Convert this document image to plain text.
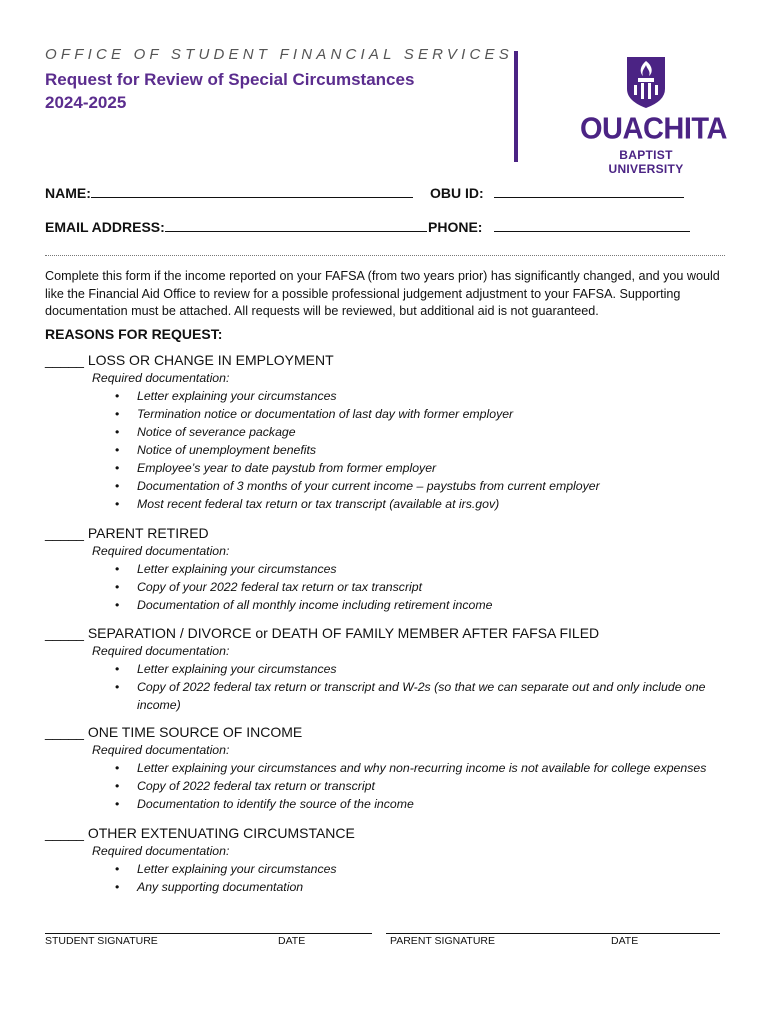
OFFICE OF STUDENT FINANCIAL SERVICES
Request for Review of Special Circumstances
2024-2025
OUACHITA
BAPTIST UNIVERSITY
NAME:	OBU ID:
EMAIL ADDRESS:	PHONE:
Complete this form if the income reported on your FAFSA (from two years prior) has significantly changed, and you would like the Financial Aid Office to review for a possible professional judgement adjustment to your FAFSA. Supporting documentation must be attached. All requests will be reviewed, but additional aid is not guaranteed.
REASONS FOR REQUEST:
_____ LOSS OR CHANGE IN EMPLOYMENT
Required documentation:
• Letter explaining your circumstances
• Termination notice or documentation of last day with former employer
• Notice of severance package
• Notice of unemployment benefits
• Employee’s year to date paystub from former employer
• Documentation of 3 months of your current income – paystubs from current employer
• Most recent federal tax return or tax transcript (available at irs.gov)
_____ PARENT RETIRED
Required documentation:
• Letter explaining your circumstances
• Copy of your 2022 federal tax return or tax transcript
• Documentation of all monthly income including retirement income
_____ SEPARATION / DIVORCE or DEATH OF FAMILY MEMBER AFTER FAFSA FILED
Required documentation:
• Letter explaining your circumstances
• Copy of 2022 federal tax return or transcript and W-2s (so that we can separate out and only include one income)
_____ ONE TIME SOURCE OF INCOME
Required documentation:
• Letter explaining your circumstances and why non-recurring income is not available for college expenses
• Copy of 2022 federal tax return or transcript
• Documentation to identify the source of the income
_____ OTHER EXTENUATING CIRCUMSTANCE
Required documentation:
• Letter explaining your circumstances
• Any supporting documentation
STUDENT SIGNATURE	DATE	PARENT SIGNATURE	DATE
